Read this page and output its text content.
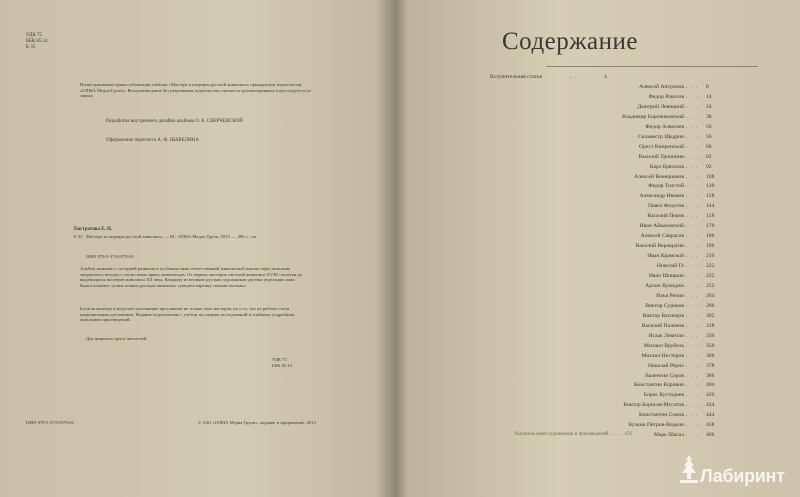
УДК 75
ББК 85.14
Е 35
Иллюстративные права публикации альбома «Мастера и шедевры русской живописи» принадлежат издательству «ОЛМА Медиа Групп». Воспроизведение без разрешения издательства считается противоправным и преследуется по закону.
Разработка внутреннего дизайна альбома О. Е. СВЕРЧЕВСКОЙ
Оформление переплета А. Ф. ШАВЕЛИНА
Евстратова Е. Н.
Е 35 Мастера и шедевры русской живописи. — М.: ОЛМА Медиа Групп, 2013. — 480 с.: ил.
ISBN 978-5-373-05793-8
Альбом знакомит с историей развития и особенностями отечественной живописной школы через описание творческого метода и стиля самых ярких живописцев. От первых мастеров светской живописи XVIII столетия до выдающихся мастеров живописи XX века. Каждому из великих русских художников уделена отдельная глава. Книга поможет лучше понять русскую живопись «увидеть картину своими глазами».
Богатая палитра и искусное исполнение прославили не только этих мастеров, но и то, что их работы стали национальным достоянием. Издание подготовлено с учётом последних исследований и снабжено подробным описанием произведений.
Для широкого круга читателей.
УДК 75
ББК 85.14
ISBN 978-5-373-05793-8	© ЗАО «ОЛМА Медиа Групп», издание и оформление, 2013
Содержание
Вступительная статья	. . .	4
Алексей Антропов . . . 8
Федор Рокотов . . . 14
Дмитрий Левицкий . . . 24
Владимир Боровиковский . . . 38
Федор Алексеев . . . 50
Сильвестр Щедрин . . . 56
Орест Кипренский . . . 68
Василий Тропинин . . . 82
Карл Брюллов . . . 92
Алексей Венецианов . . . 108
Федор Толстой . . . 120
Александр Иванов . . . 128
Павел Федотов . . . 144
Василий Перов . . . 158
Иван Айвазовский . . . 170
Алексей Саврасов . . . 186
Василий Верещагин . . . 196
Иван Крамской . . . 210
Николай Ге . . . 222
Иван Шишкин . . . 232
Архип Куинджи . . . 252
Илья Репин . . . 264
Виктор Суриков . . . 286
Виктор Васнецов . . . 302
Василий Поленов . . . 318
Исаак Левитан . . . 330
Михаил Врубель . . . 350
Михаил Нестеров . . . 366
Николай Рерих . . . 378
Валентин Серов . . . 386
Константин Коровин . . . 404
Борис Кустодиев . . . 420
Виктор Борисов-Мусатов . . . 434
Константин Сомов . . . 444
Кузьма Петров-Водкин . . . 458
Марк Шагал . . . 466
Указатель имен художников и произведений . . . . . . 476
Лабиринт
